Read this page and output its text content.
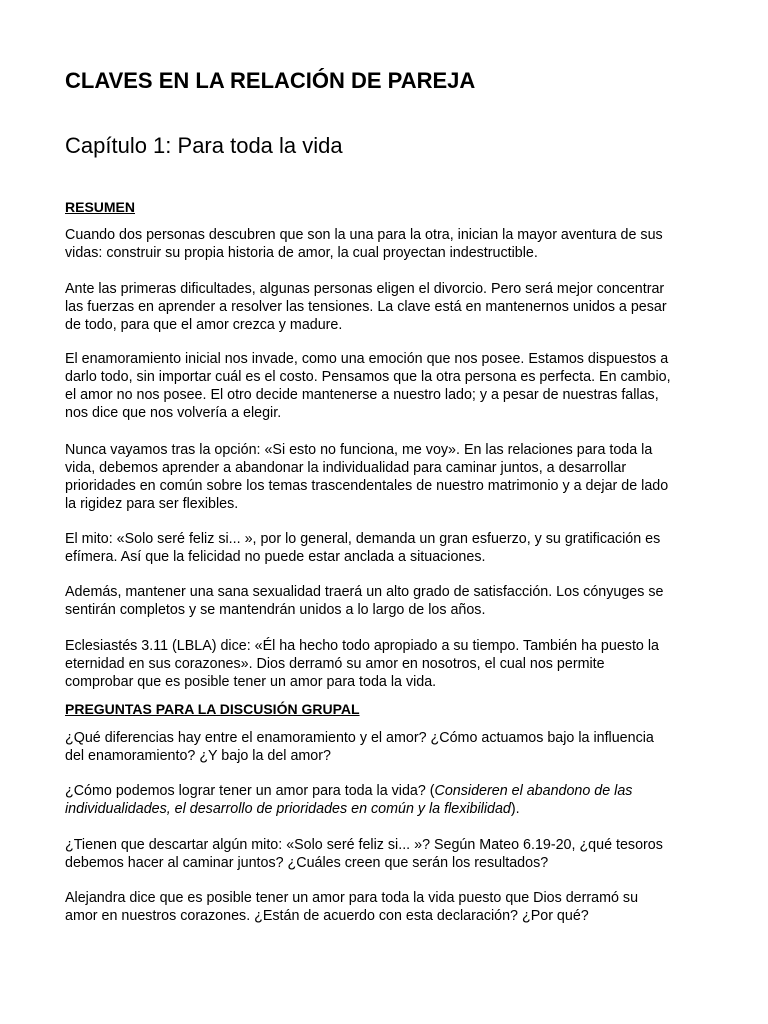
CLAVES EN LA RELACIÓN DE PAREJA
Capítulo 1: Para toda la vida
RESUMEN

Cuando dos personas descubren que son la una para la otra, inician la mayor aventura de sus
vidas: construir su propia historia de amor, la cual proyectan indestructible.

Ante las primeras dificultades, algunas personas eligen el divorcio. Pero será mejor concentrar
las fuerzas en aprender a resolver las tensiones. La clave está en mantenernos unidos a pesar
de todo, para que el amor crezca y madure.

El enamoramiento inicial nos invade, como una emoción que nos posee. Estamos dispuestos a
darlo todo, sin importar cuál es el costo. Pensamos que la otra persona es perfecta. En cambio,
el amor no nos posee. El otro decide mantenerse a nuestro lado; y a pesar de nuestras fallas,
nos dice que nos volvería a elegir.

Nunca vayamos tras la opción: «Si esto no funciona, me voy». En las relaciones para toda la
vida, debemos aprender a abandonar la individualidad para caminar juntos, a desarrollar
prioridades en común sobre los temas trascendentales de nuestro matrimonio y a dejar de lado
la rigidez para ser flexibles.

El mito: «Solo seré feliz si... », por lo general, demanda un gran esfuerzo, y su gratificación es
efímera. Así que la felicidad no puede estar anclada a situaciones.

Además, mantener una sana sexualidad traerá un alto grado de satisfacción. Los cónyuges se
sentirán completos y se mantendrán unidos a lo largo de los años.

Eclesiastés 3.11 (LBLA) dice: «Él ha hecho todo apropiado a su tiempo. También ha puesto la
eternidad en sus corazones». Dios derramó su amor en nosotros, el cual nos permite
comprobar que es posible tener un amor para toda la vida.

PREGUNTAS PARA LA DISCUSIÓN GRUPAL

¿Qué diferencias hay entre el enamoramiento y el amor? ¿Cómo actuamos bajo la influencia
del enamoramiento? ¿Y bajo la del amor?

¿Cómo podemos lograr tener un amor para toda la vida? (Consideren el abandono de las
individualidades, el desarrollo de prioridades en común y la flexibilidad).

¿Tienen que descartar algún mito: «Solo seré feliz si... »? Según Mateo 6.19-20, ¿qué tesoros
debemos hacer al caminar juntos? ¿Cuáles creen que serán los resultados?

Alejandra dice que es posible tener un amor para toda la vida puesto que Dios derramó su
amor en nuestros corazones. ¿Están de acuerdo con esta declaración? ¿Por qué?
